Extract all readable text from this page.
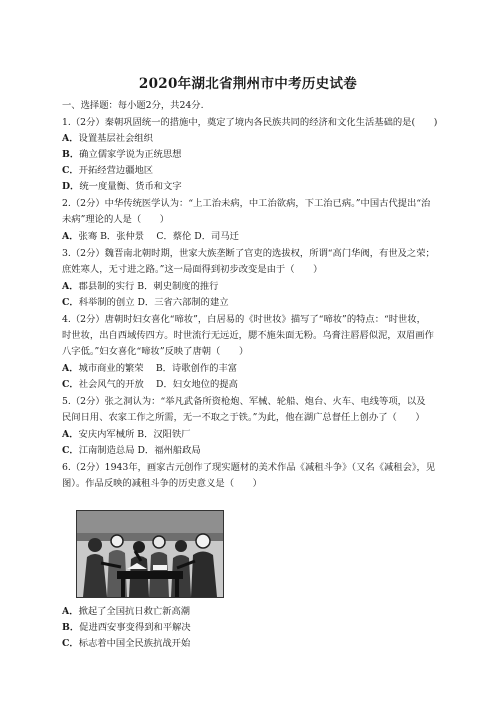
2020年湖北省荆州市中考历史试卷
一、选择题：每小题2分，共24分.
1.（2分）秦朝巩固统一的措施中，奠定了境内各民族共同的经济和文化生活基础的是(　　)
A．设置基层社会组织
B．确立儒家学说为正统思想
C．开拓经营边疆地区
D．统一度量衡、货币和文字
2.（2分）中华传统医学认为：“上工治未病，中工治欲病，下工治已病。”中国古代提出“治
未病”理论的人是（　　）
A．张骞 B．张仲景　 C．蔡伦 D．司马迁
3.（2分）魏晋南北朝时期，世家大族垄断了官吏的选拔权，所谓“高门华阀，有世及之荣；
庶姓寒人，无寸进之路。”这一局面得到初步改变是由于（　　）
A．郡县制的实行 B．刺史制度的推行
C．科举制的创立 D．三省六部制的建立
4.（2分）唐朝时妇女喜化“啼妆”，白居易的《时世妆》描写了“啼妆”的特点：“时世妆，
时世妆，出自西域传四方。时世流行无远近，腮不施朱面无粉。乌膏注唇唇似泥，双眉画作
八字低。”妇女喜化“啼妆”反映了唐朝（　　）
A．城市商业的繁荣　 B．诗歌创作的丰富
C．社会风气的开放　 D．妇女地位的提高
5.（2分）张之洞认为：“举凡武备所资枪炮、军械、轮船、炮台、火车、电线等项，以及
民间日用、农家工作之所需，无一不取之于铁。”为此，他在湖广总督任上创办了（　　）
A．安庆内军械所 B．汉阳铁厂
C．江南制造总局 D．福州船政局
6.（2分）1943年，画家古元创作了现实题材的美术作品《减租斗争》（又名《减租会》，见
图）。作品反映的减租斗争的历史意义是（　　）
A．掀起了全国抗日救亡新高潮
B．促进西安事变得到和平解决
C．标志着中国全民族抗战开始
